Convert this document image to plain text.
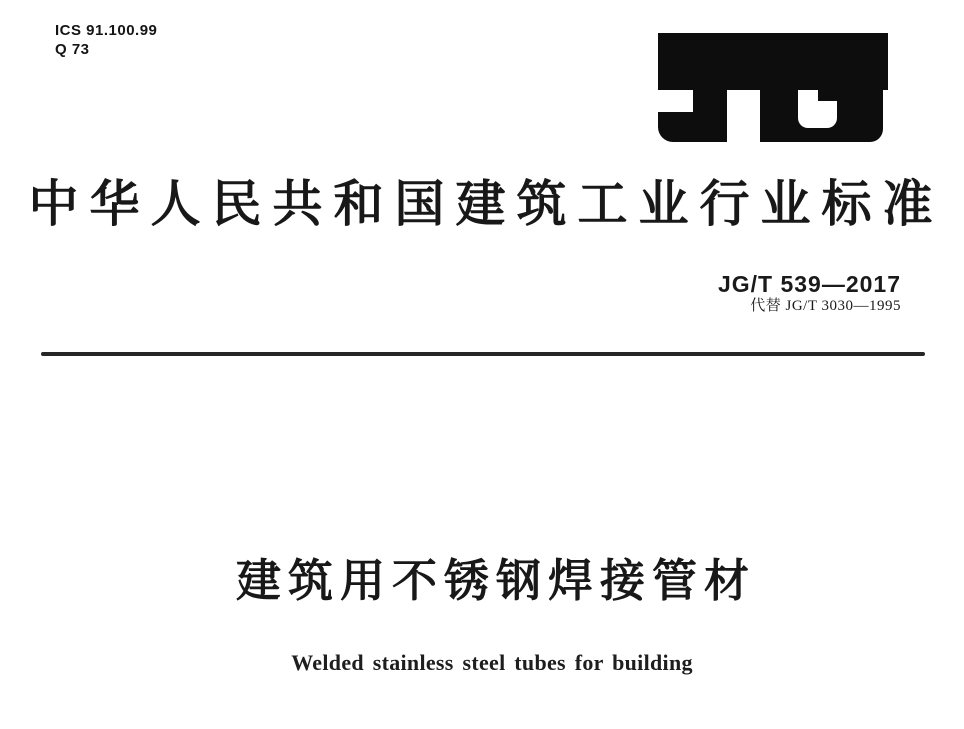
ICS 91.100.99
Q 73
中华人民共和国建筑工业行业标准
JG/T 539—2017
代替 JG/T 3030—1995
建筑用不锈钢焊接管材
Welded stainless steel tubes for building
